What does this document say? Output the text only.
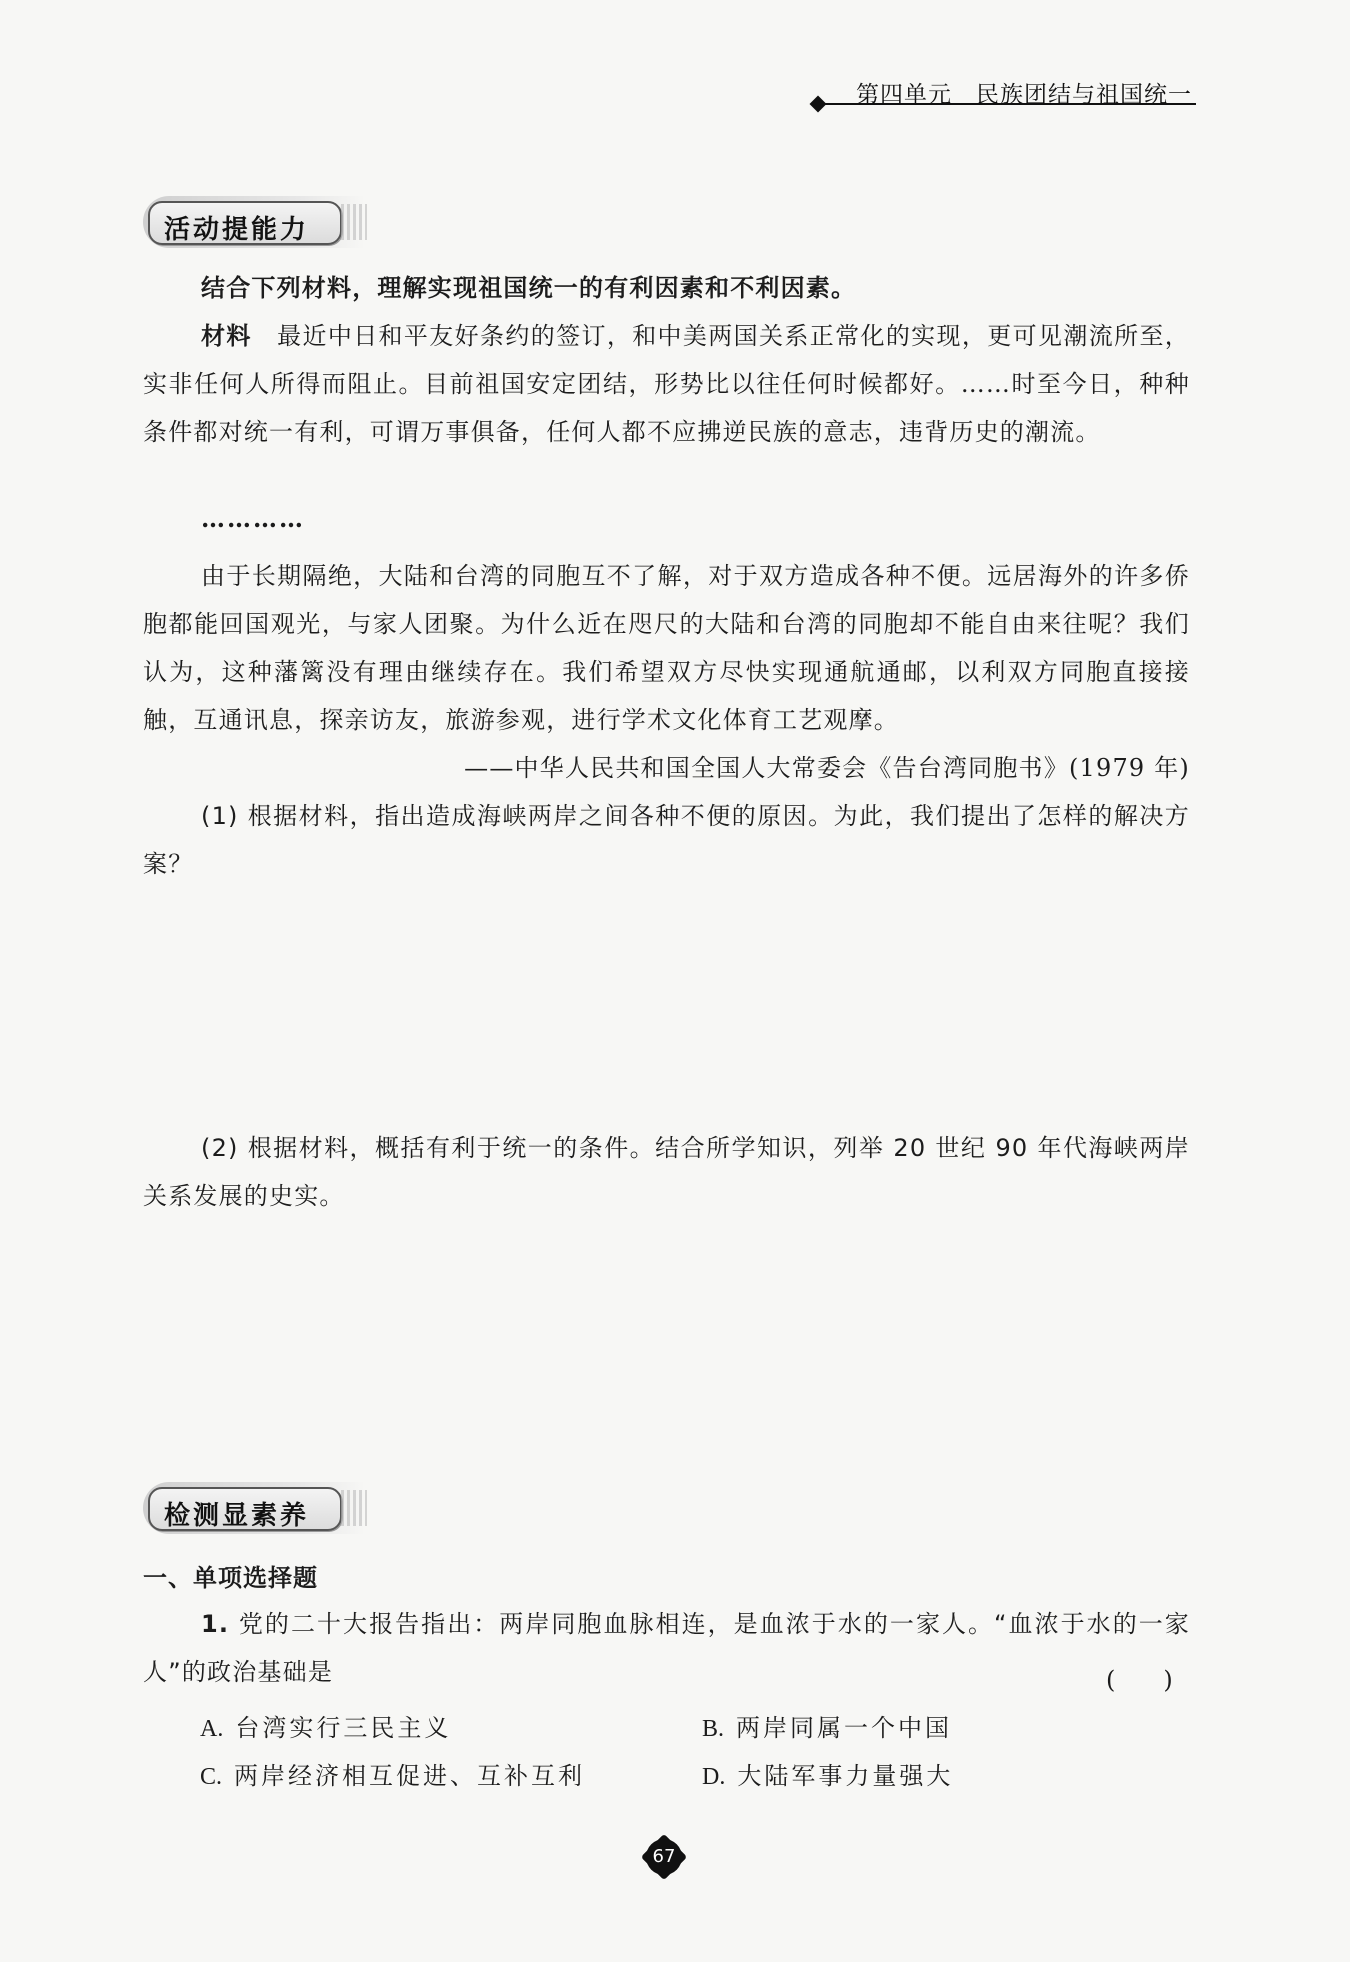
第四单元　民族团结与祖国统一
活动提能力
结合下列材料，理解实现祖国统一的有利因素和不利因素。
材料　 最近中日和平友好条约的签订，和中美两国关系正常化的实现，更可见潮流所至，实非任何人所得而阻止。目前祖国安定团结，形势比以往任何时候都好。……时至今日，种种条件都对统一有利，可谓万事俱备，任何人都不应拂逆民族的意志，违背历史的潮流。
…………
由于长期隔绝，大陆和台湾的同胞互不了解，对于双方造成各种不便。远居海外的许多侨胞都能回国观光，与家人团聚。为什么近在咫尺的大陆和台湾的同胞却不能自由来往呢？我们认为，这种藩篱没有理由继续存在。我们希望双方尽快实现通航通邮，以利双方同胞直接接触，互通讯息，探亲访友，旅游参观，进行学术文化体育工艺观摩。
——中华人民共和国全国人大常委会《告台湾同胞书》(1979 年)
(1) 根据材料，指出造成海峡两岸之间各种不便的原因。为此，我们提出了怎样的解决方案？
(2) 根据材料，概括有利于统一的条件。结合所学知识，列举 20 世纪 90 年代海峡两岸关系发展的史实。
检测显素养
一、单项选择题
1. 党的二十大报告指出：两岸同胞血脉相连，是血浓于水的一家人。“血浓于水的一家人”的政治基础是	(　　)
A. 台湾实行三民主义	B. 两岸同属一个中国
C. 两岸经济相互促进、互补互利	D. 大陆军事力量强大
67
